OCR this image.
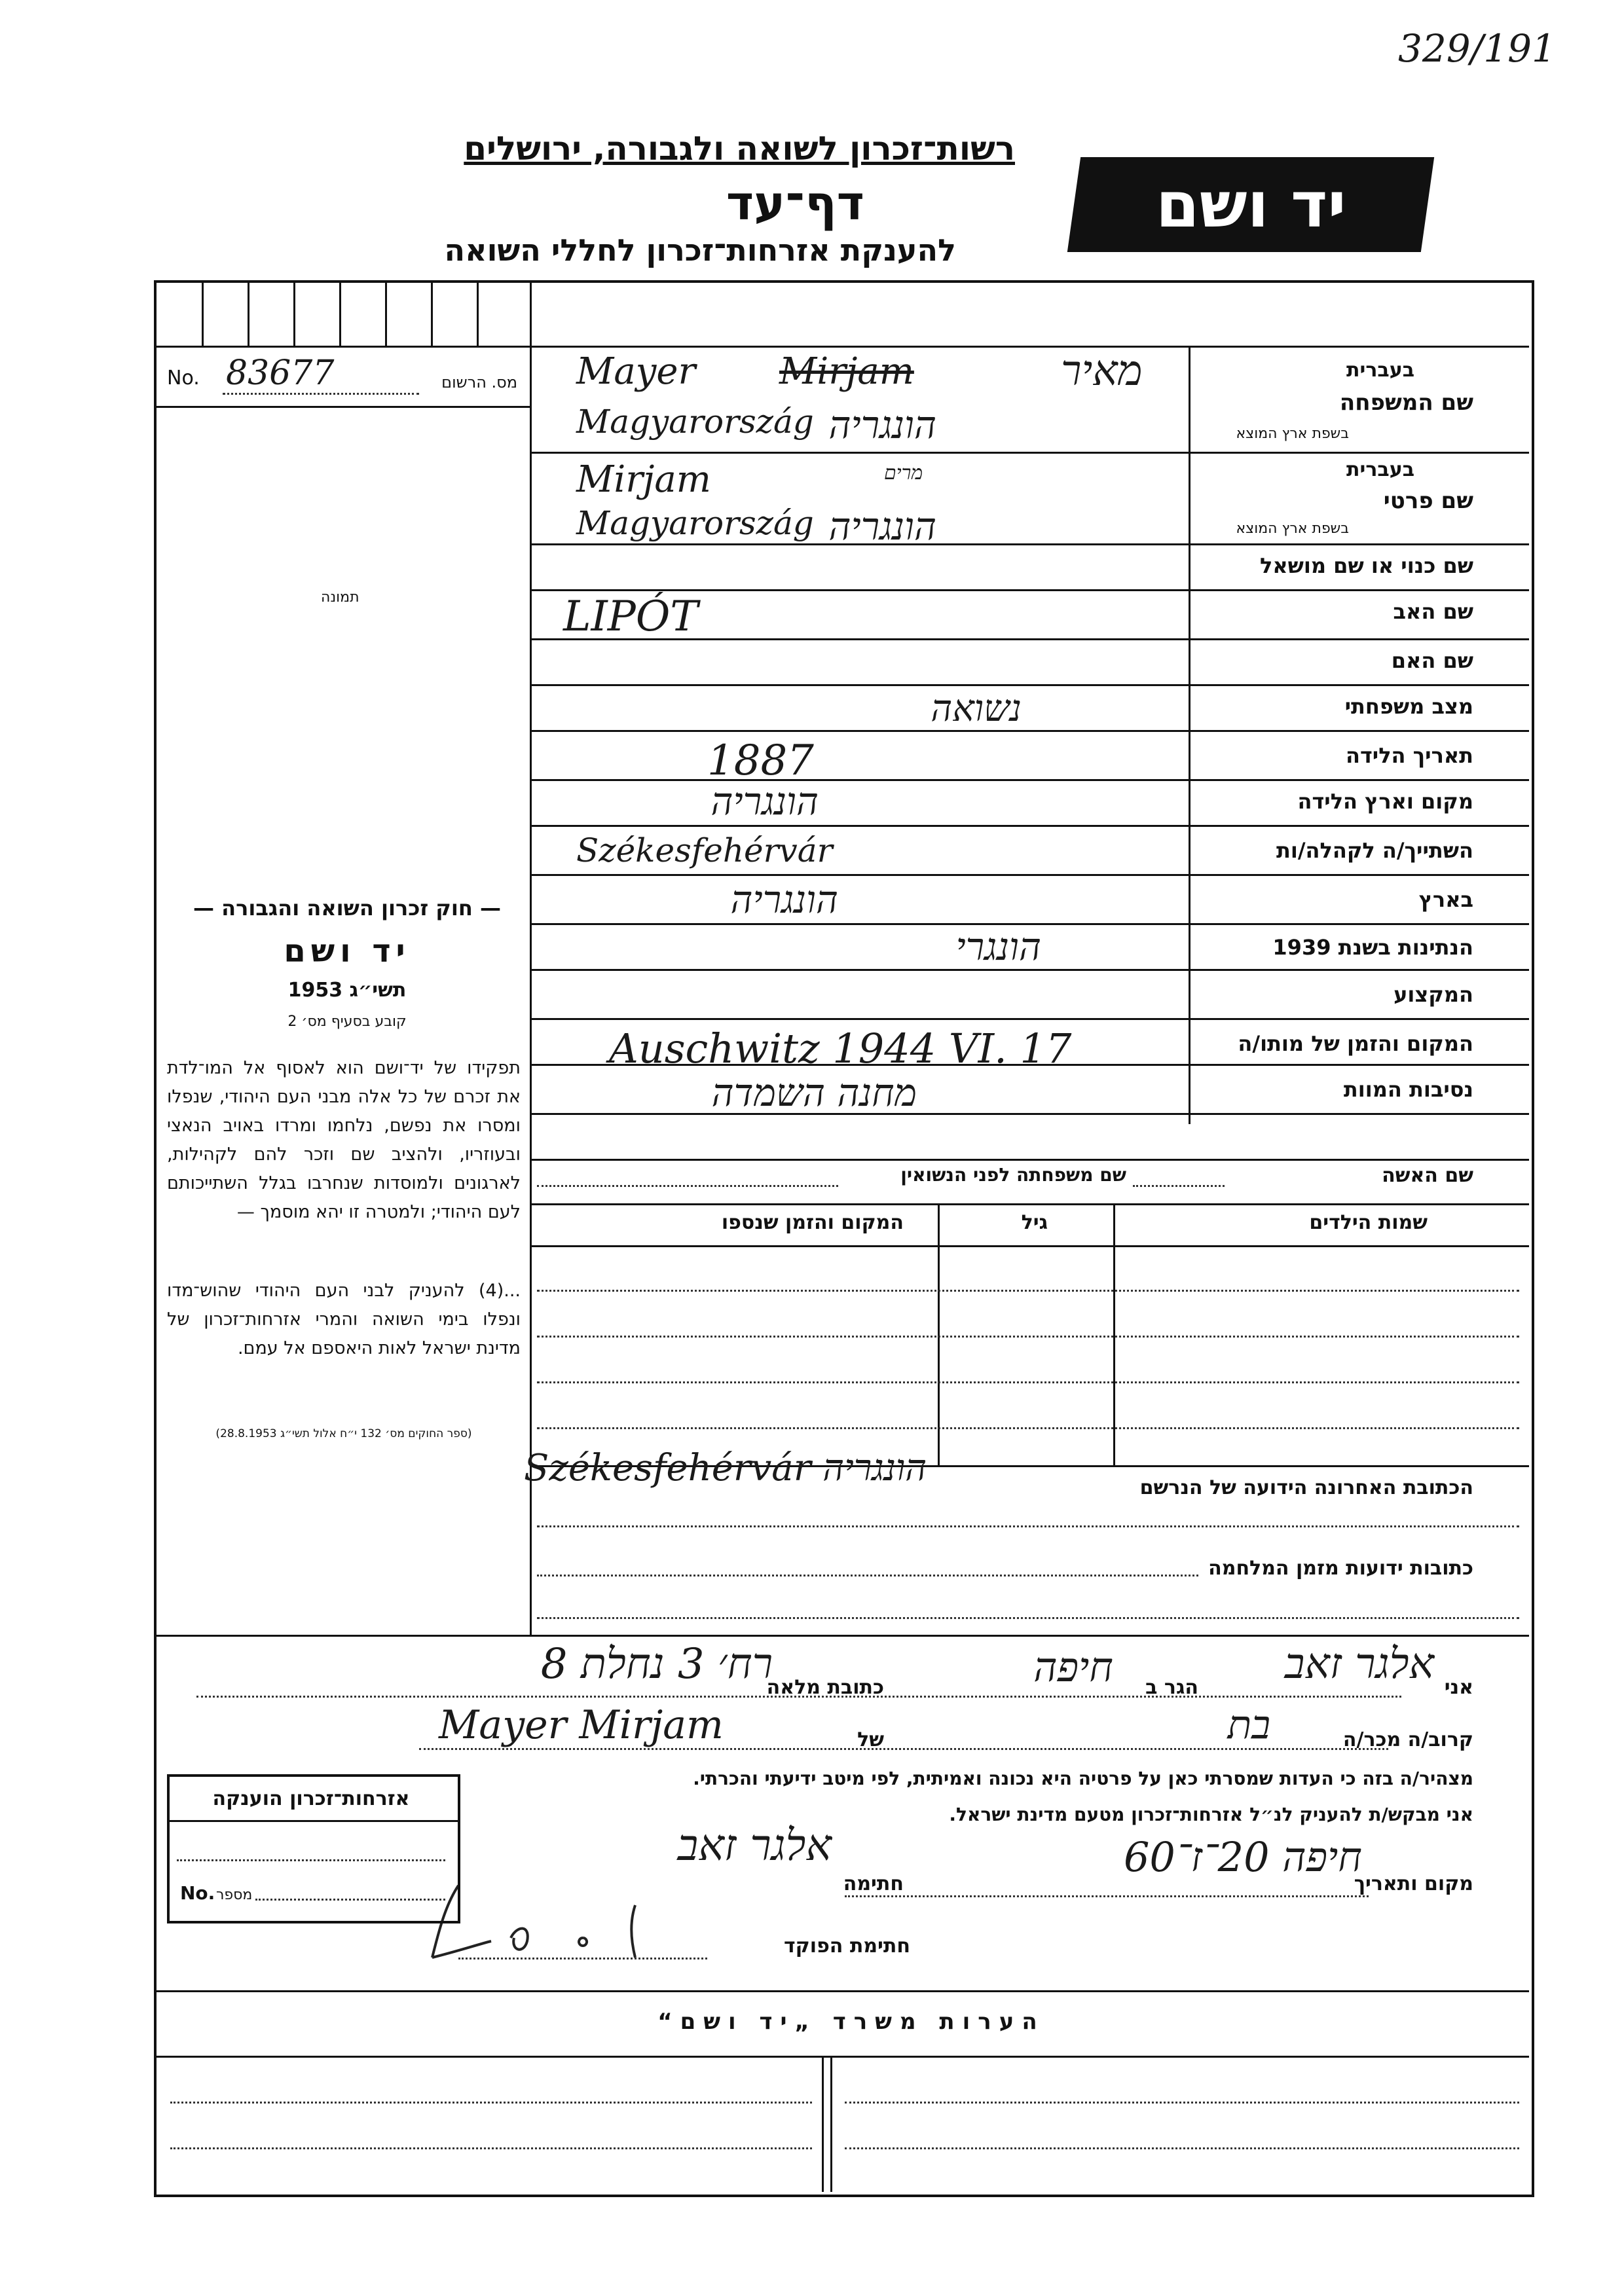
329/191
רשות־זכרון לשואה ולגבורה, ירושלים
דף־עד
להענקת אזרחות־זכרון לחללי השואה
יד ושם
No. 83677	מס. הרשום
תמונה
שם המשפחה
בעברית
בשפת ארץ המוצא
מאיר
Mayer Mirjam
Magyarország הונגריה
שם פרטי
בעברית
בשפת ארץ המוצא
Mirjam	מרים
Magyarország הונגריה
שם כנוי או שם מושאל
שם האב
LIPÓT
שם האם
מצב משפחתי
נשואה
תאריך הלידה
1887
מקום וארץ הלידה
הונגריה
השתייך/ה לקהלה/ות
Székesfehérvár
בארץ
הונגריה
הנתינות בשנת 1939
הונגרי
המקצוע
המקום והזמן של מותו/ה
Auschwitz 1944 VI. 17
נסיבות המוות
מחנה השמדה
— חוק זכרון השואה והגבורה —
יד ושם
תשי״ג 1953
קובע בסעיף מס׳ 2
תפקידו של יד־ושם הוא לאסוף אל המו־לדת את זכרם של כל אלה מבני העם היהודי, שנפלו ומסרו את נפשם, נלחמו ומרדו באויב הנאצי ובעוזריו, ולהציב שם וזכר להם לקהילות, לארגונים ולמוסדות שנחרבו בגלל השתייכותם לעם היהודי; ולמטרה זו יהא מוסמך —
...(4) להעניק לבני העם היהודי שהוש־מדו ונפלו בימי השואה והמרי אזרחות־זכרון של מדינת ישראל לאות היאספם אל עמם.
(ספר החוקים מס׳ 132 י״ח אלול תשי״ג 28.8.1953)
שם האשה
שם משפחתה לפני הנשואין
שמות הילדים
גיל
המקום והזמן שנספו
הכתובת האחרונה הידועה של הנרשם
Székesfehérvár הונגריה
כתובות ידועות מזמן המלחמה
אני
אלגר זאב
הגר ב
חיפה
כתובת מלאה
רח׳ 3 נחלת 8
קרוב/ה מכר/ה
בת
של
Mayer Mirjam
מצהיר/ה בזה כי העדות שמסרתי כאן על פרטיה היא נכונה ואמיתית, לפי מיטב ידיעתי והכרתי.
אני מבקש/ת להעניק לנ״ל אזרחות־זכרון מטעם מדינת ישראל.
מקום ותאריך
חיפה 20־ז־60
חתימה
אלגר זאב
חתימת הפוקד
אזרחות־זכרון הוענקה
No. מספר
הערות משרד „יד ושם“
